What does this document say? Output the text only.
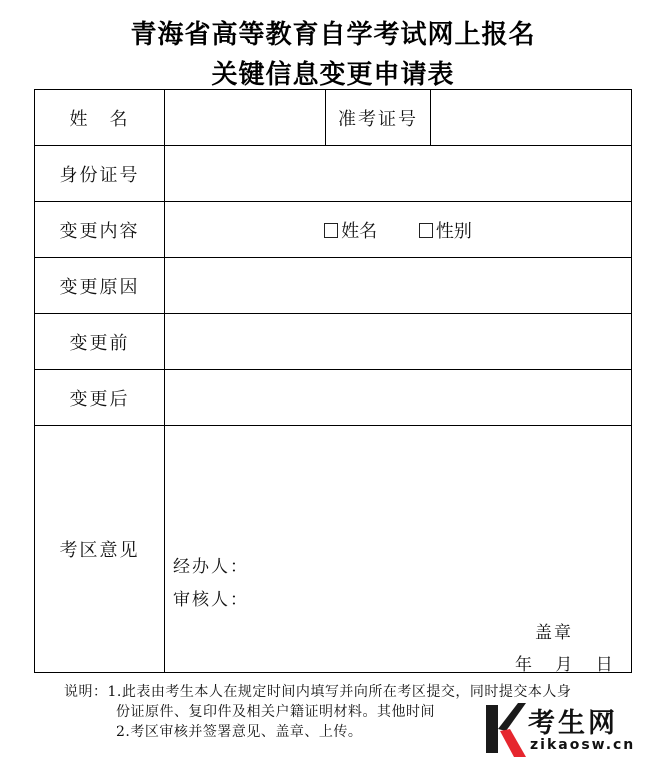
青海省高等教育自学考试网上报名
关键信息变更申请表
姓　名		准考证号	
身份证号			
变更内容	姓名 性别		
变更原因			
变更前			
变更后			
考区意见	经办人：
审核人：
盖章
年 月 日		
说明：1.此表由考生本人在规定时间内填写并向所在考区提交，同时提交本人身
份证原件、复印件及相关户籍证明材料。其他时间
2.考区审核并签署意见、盖章、上传。	考生网
zikaosw.cn
